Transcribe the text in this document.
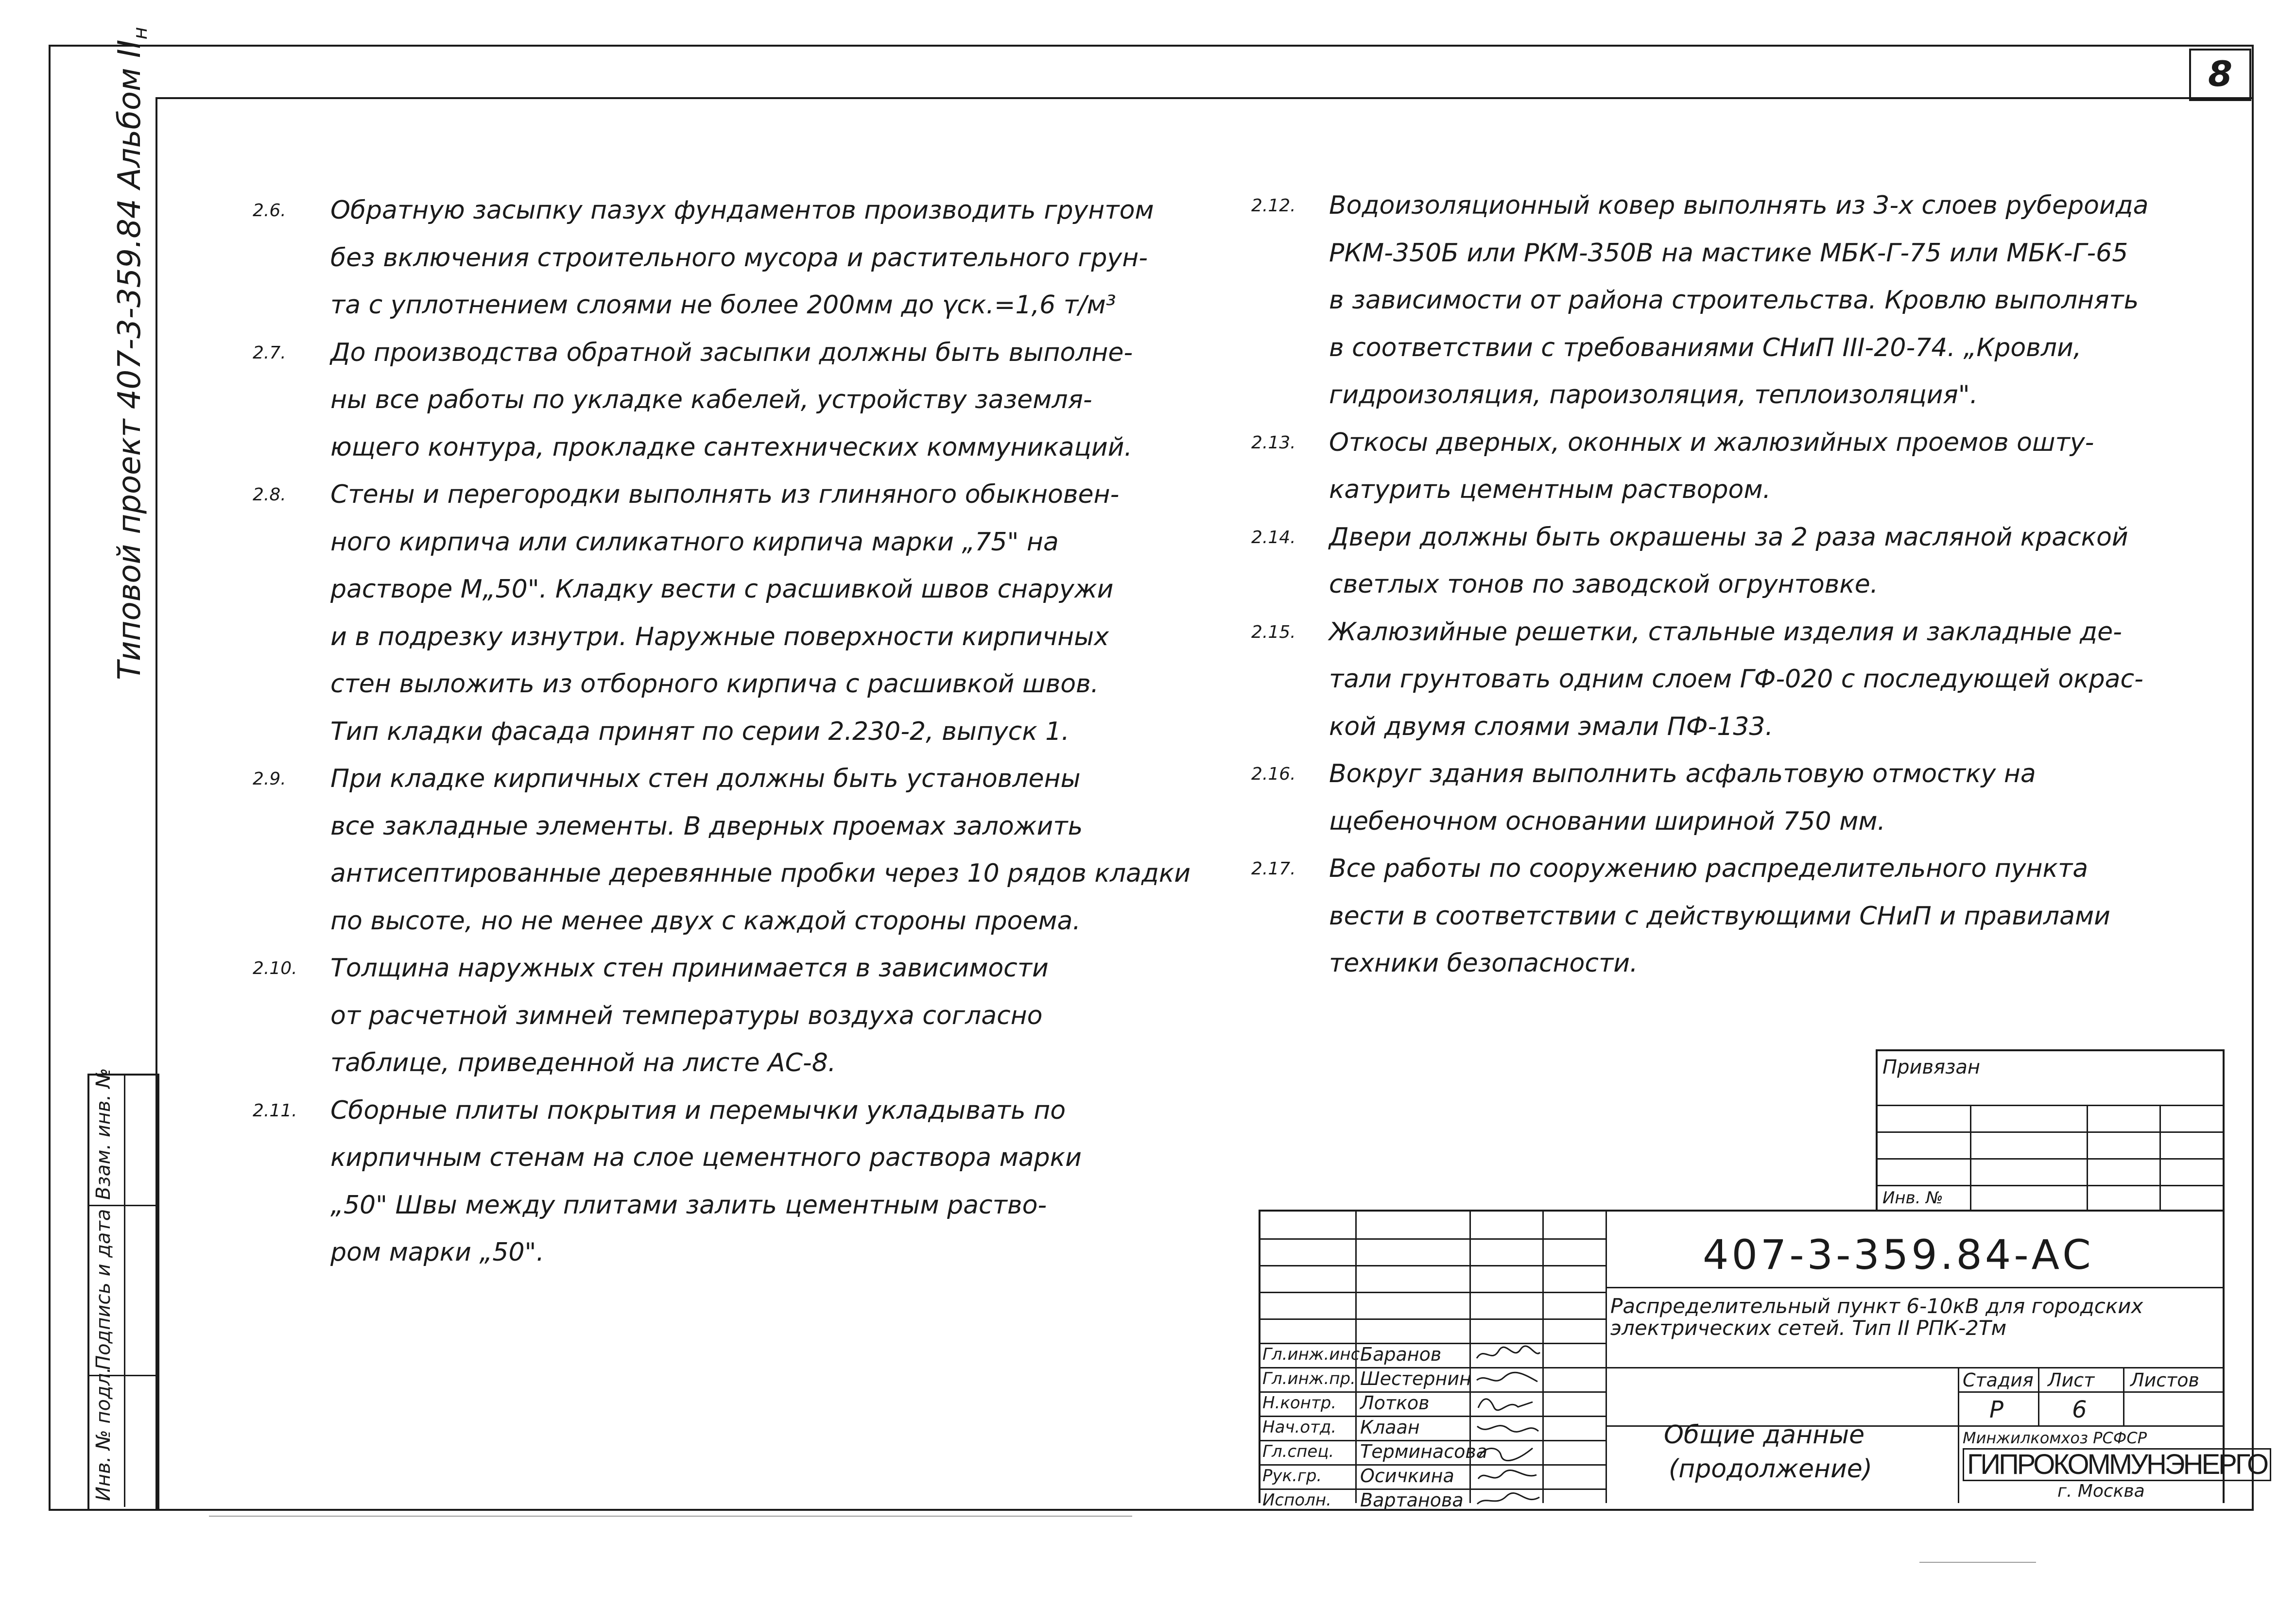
8
Типовой проект 407-3-359.84 Альбом $II_н$
Взам. инв. №
Подпись и дата
Инв. № подл.
2.6. Обратную засыпку пазух фундаментов производить грунтом
без включения строительного мусора и растительного грун-
та с уплотнением слоями не более 200мм до γск.=1,6 т/м³
2.7. До производства обратной засыпки должны быть выполне-
ны все работы по укладке кабелей, устройству заземля-
ющего контура, прокладке сантехнических коммуникаций.
2.8. Стены и перегородки выполнять из глиняного обыкновен-
ного кирпича или силикатного кирпича марки „75" на
растворе М„50". Кладку вести с расшивкой швов снаружи
и в подрезку изнутри. Наружные поверхности кирпичных
стен выложить из отборного кирпича с расшивкой швов.
Тип кладки фасада принят по серии 2.230-2, выпуск 1.
2.9. При кладке кирпичных стен должны быть установлены
все закладные элементы. В дверных проемах заложить
антисептированные деревянные пробки через 10 рядов кладки
по высоте, но не менее двух с каждой стороны проема.
2.10. Толщина наружных стен принимается в зависимости
от расчетной зимней температуры воздуха согласно
таблице, приведенной на листе АС-8.
2.11. Сборные плиты покрытия и перемычки укладывать по
кирпичным стенам на слое цементного раствора марки
„50" Швы между плитами залить цементным раство-
ром марки „50".
2.12. Водоизоляционный ковер выполнять из 3-х слоев рубероида
РКМ-350Б или РКМ-350В на мастике МБК-Г-75 или МБК-Г-65
в зависимости от района строительства. Кровлю выполнять
в соответствии с требованиями СНиП III-20-74. „Кровли,
гидроизоляция, пароизоляция, теплоизоляция".
2.13. Откосы дверных, оконных и жалюзийных проемов ошту-
катурить цементным раствором.
2.14. Двери должны быть окрашены за 2 раза масляной краской
светлых тонов по заводской огрунтовке.
2.15. Жалюзийные решетки, стальные изделия и закладные де-
тали грунтовать одним слоем ГФ-020 с последующей окрас-
кой двумя слоями эмали ПФ-133.
2.16. Вокруг здания выполнить асфальтовую отмостку на
щебеночном основании шириной 750 мм.
2.17. Все работы по сооружению распределительного пункта
вести в соответствии с действующими СНиП и правилами
техники безопасности.
Привязан
Инв. №
407-3-359.84-АС
Распределительный пункт 6-10кВ для городских
электрических сетей. Тип II РПК-2Тм
Стадия Лист Листов
Р	6
Общие данные
(продолжение)
Минжилкомхоз РСФСР
ГИПРОКОММУНЭНЕРГО
г. Москва
Гл.инж.инс Баранов
Гл.инж.пр. Шестернин
Н.контр. Лотков
Нач.отд. Клаан
Гл.спец. Терминасова
Рук.гр. Осичкина
Исполн. Вартанова
